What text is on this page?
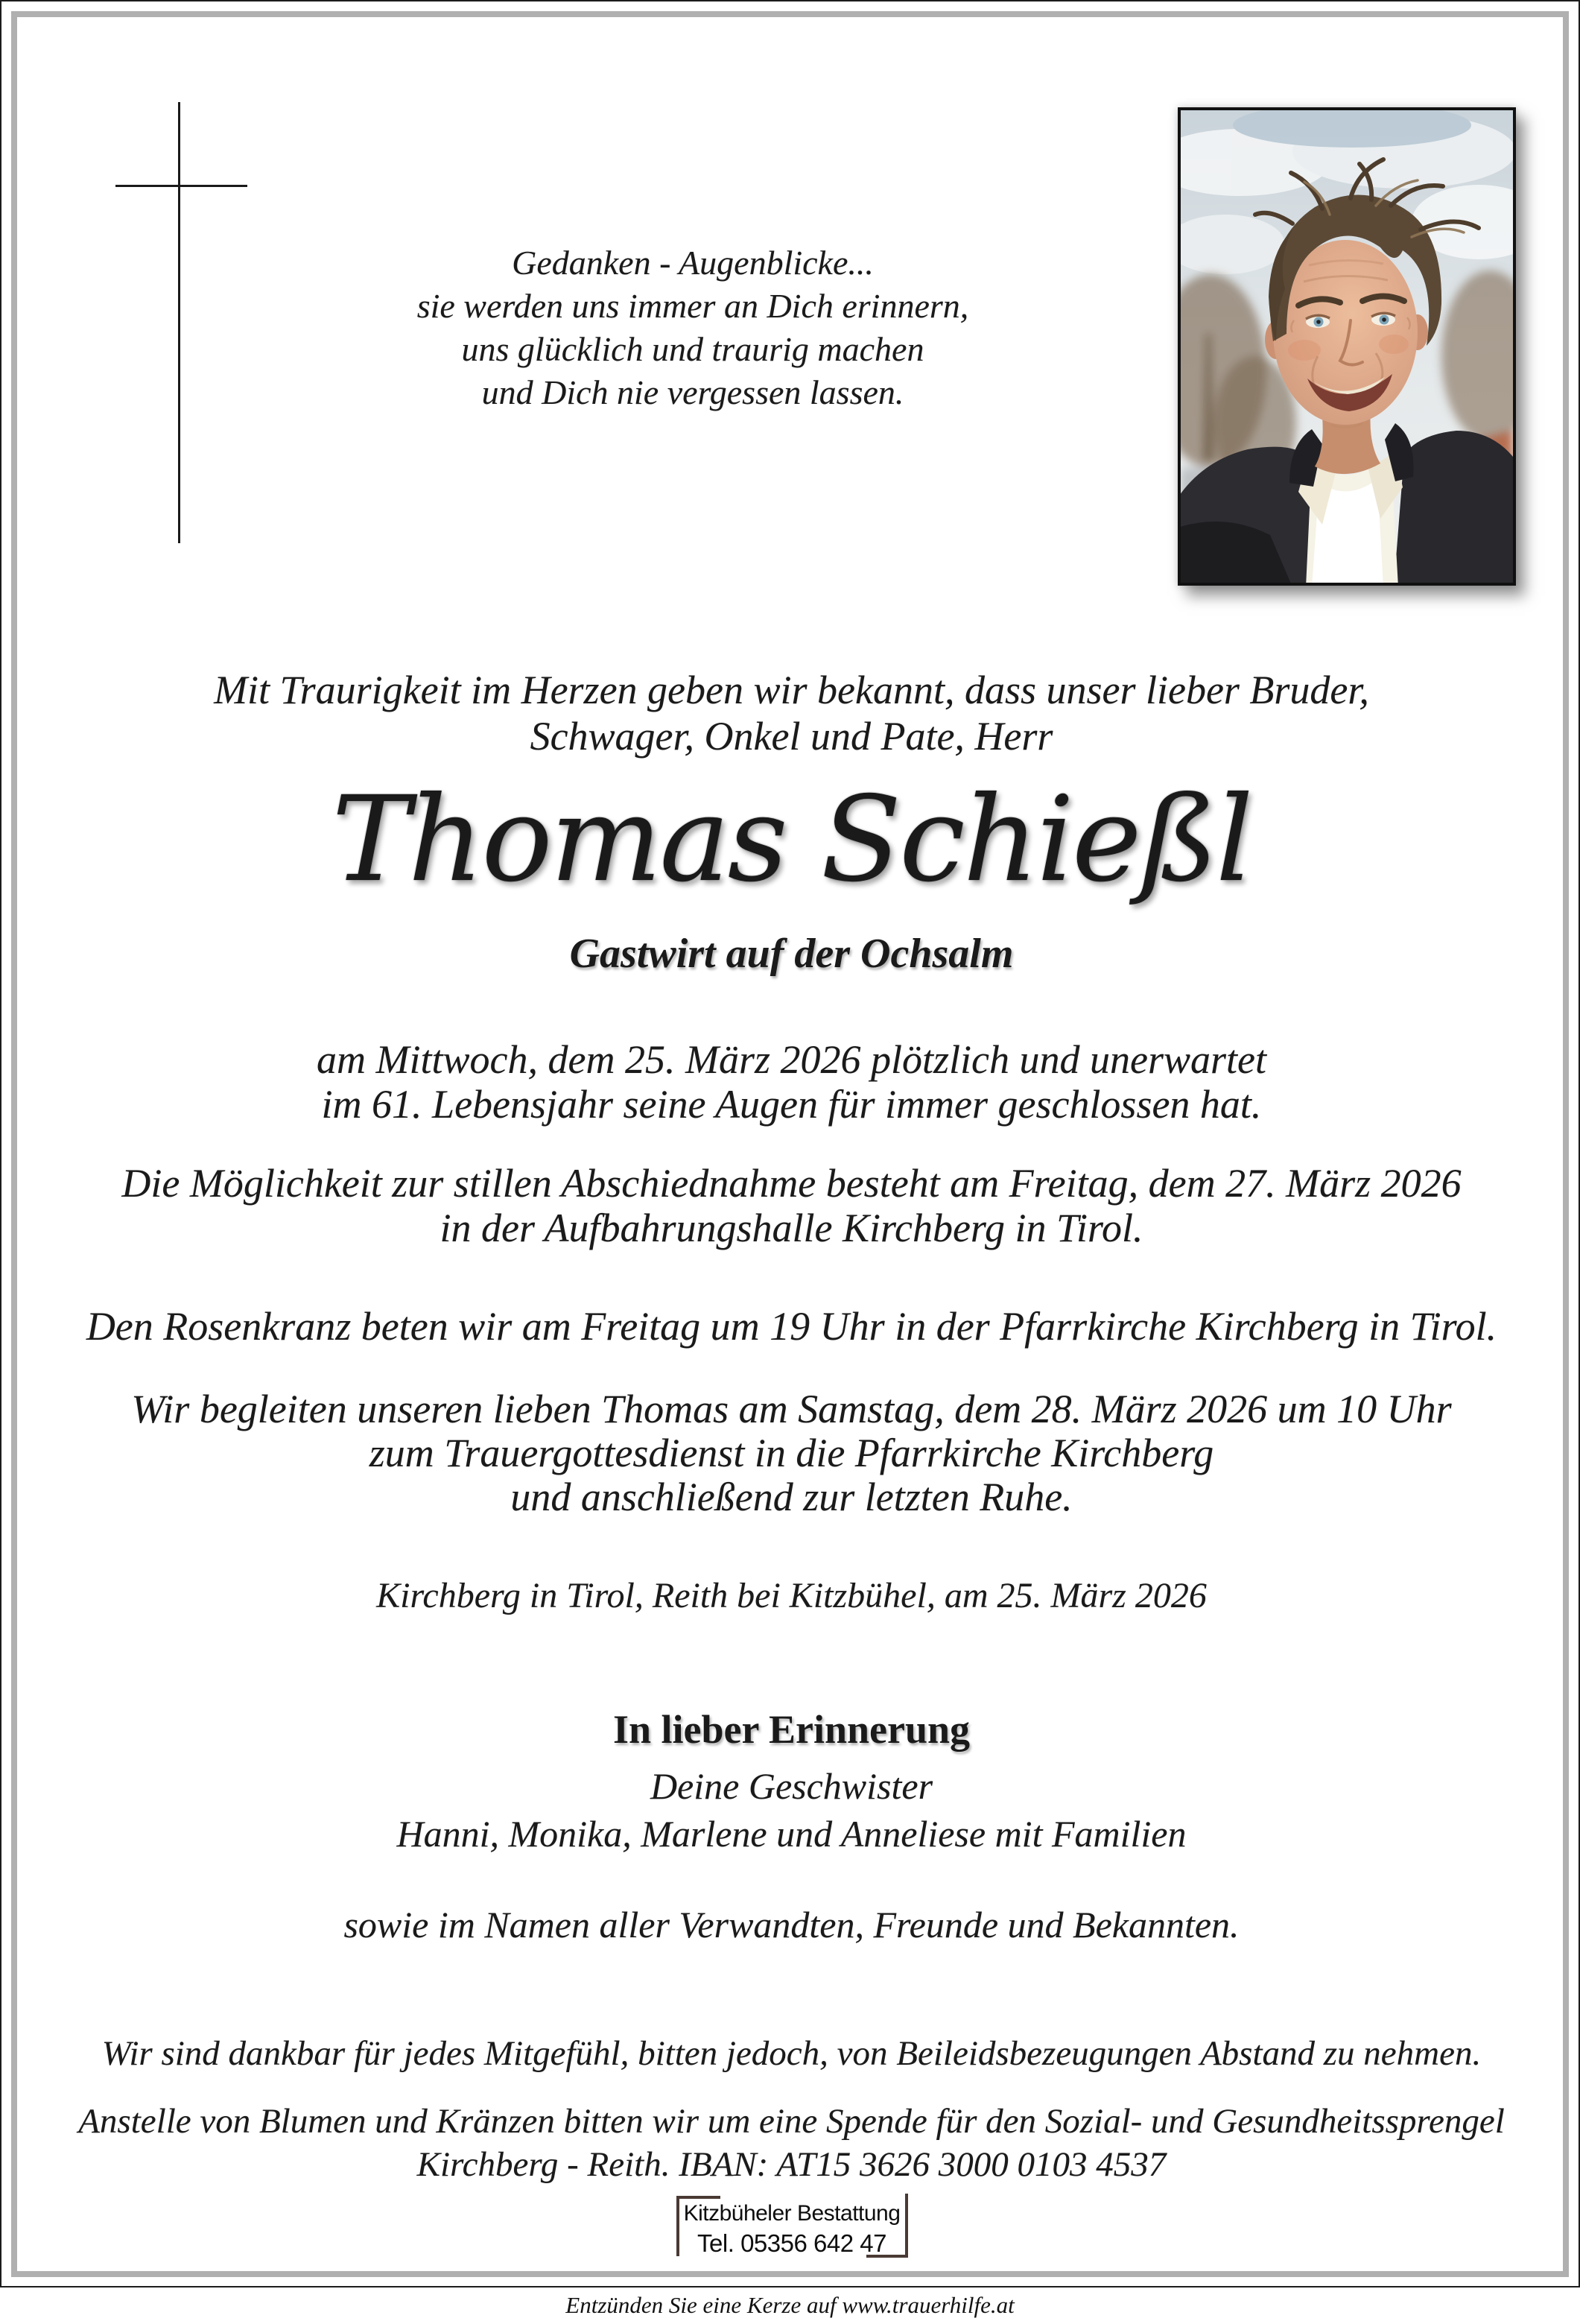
Gedanken - Augenblicke...
sie werden uns immer an Dich erinnern,
uns glücklich und traurig machen
und Dich nie vergessen lassen.
Mit Traurigkeit im Herzen geben wir bekannt, dass unser lieber Bruder,
Schwager, Onkel und Pate, Herr
Thomas Schießl
Gastwirt auf der Ochsalm
am Mittwoch, dem 25. März 2026 plötzlich und unerwartet
im 61. Lebensjahr seine Augen für immer geschlossen hat.
Die Möglichkeit zur stillen Abschiednahme besteht am Freitag, dem 27. März 2026
in der Aufbahrungshalle Kirchberg in Tirol.
Den Rosenkranz beten wir am Freitag um 19 Uhr in der Pfarrkirche Kirchberg in Tirol.
Wir begleiten unseren lieben Thomas am Samstag, dem 28. März 2026 um 10 Uhr
zum Trauergottesdienst in die Pfarrkirche Kirchberg
und anschließend zur letzten Ruhe.
Kirchberg in Tirol, Reith bei Kitzbühel, am 25. März 2026
In lieber Erinnerung
Deine Geschwister
Hanni, Monika, Marlene und Anneliese mit Familien
sowie im Namen aller Verwandten, Freunde und Bekannten.
Wir sind dankbar für jedes Mitgefühl, bitten jedoch, von Beileidsbezeugungen Abstand zu nehmen.
Anstelle von Blumen und Kränzen bitten wir um eine Spende für den Sozial- und Gesundheitssprengel
Kirchberg - Reith. IBAN: AT15 3626 3000 0103 4537
Kitzbüheler Bestattung
Tel. 05356 642 47
Entzünden Sie eine Kerze auf www.trauerhilfe.at
